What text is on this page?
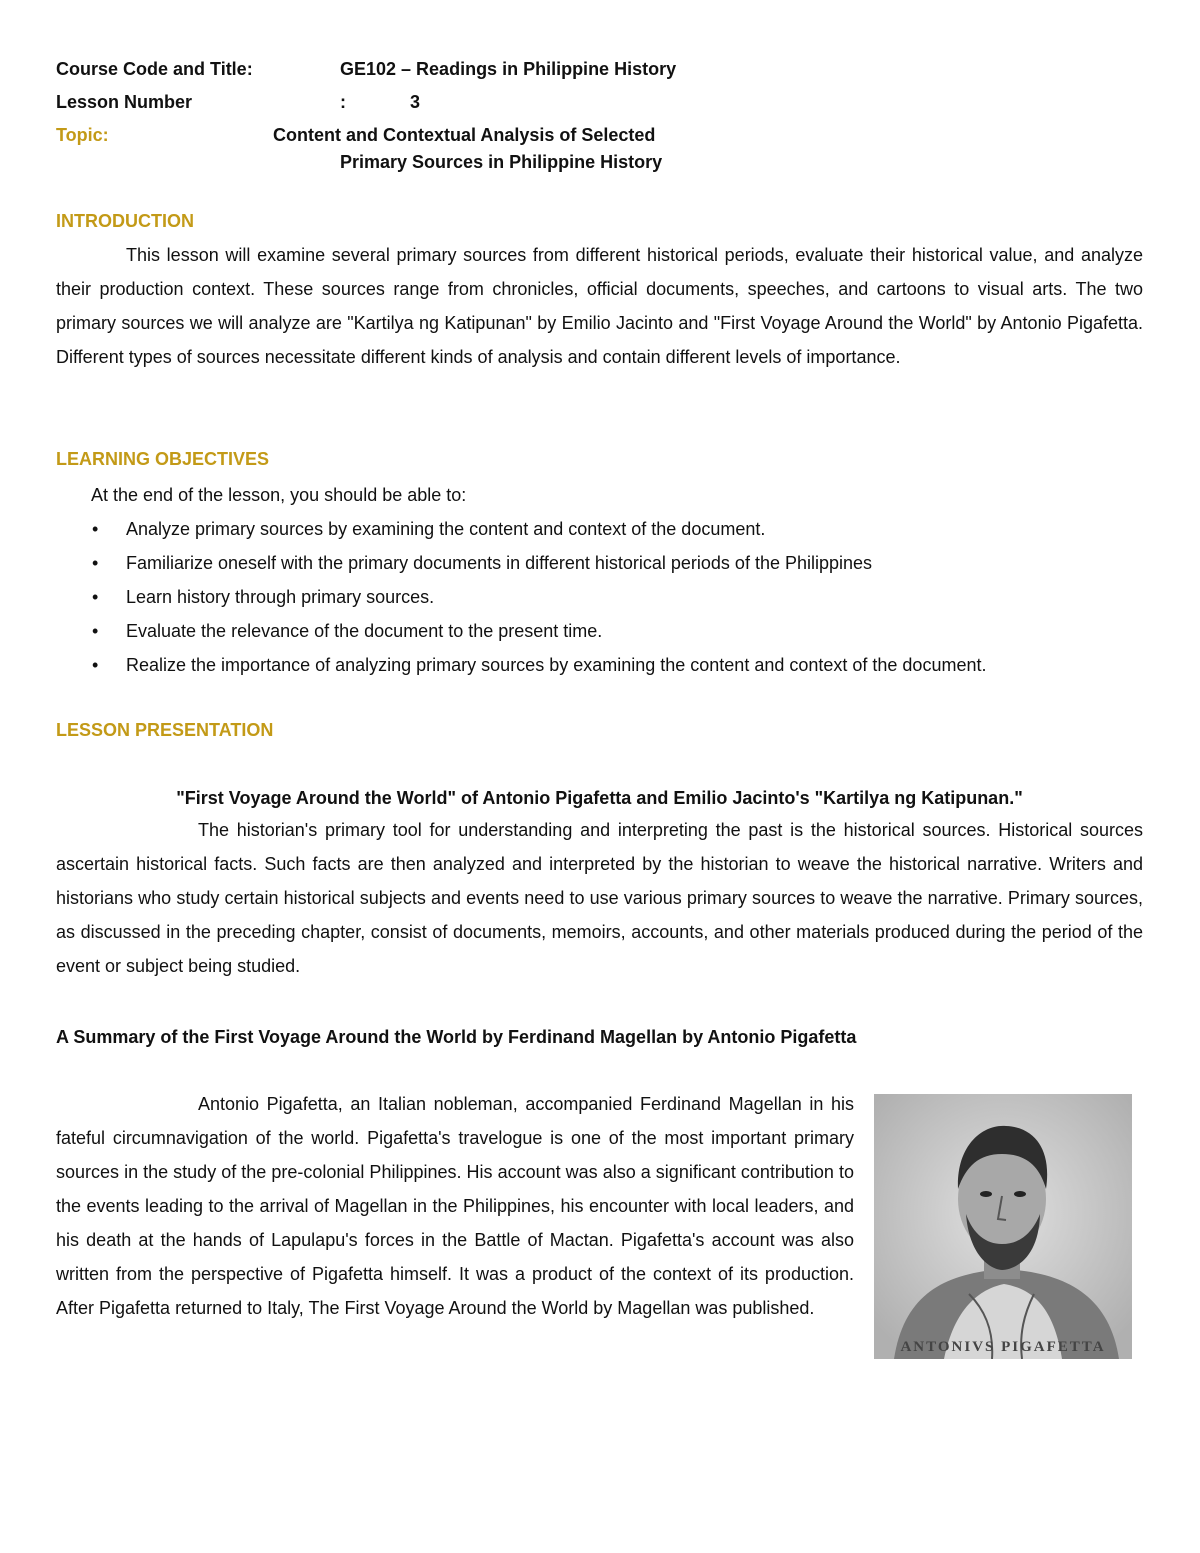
Course Code and Title:	GE102 – Readings in Philippine History
Lesson Number	:	3
Topic:	Content and Contextual Analysis of Selected
Primary Sources in Philippine History
INTRODUCTION

This lesson will examine several primary sources from different historical periods, evaluate their historical value, and analyze their production context. These sources range from chronicles, official documents, speeches, and cartoons to visual arts. The two primary sources we will analyze are "Kartilya ng Katipunan" by Emilio Jacinto and "First Voyage Around the World" by Antonio Pigafetta. Different types of sources necessitate different kinds of analysis and contain different levels of importance.

LEARNING OBJECTIVES
At the end of the lesson, you should be able to:
• Analyze primary sources by examining the content and context of the document.
• Familiarize oneself with the primary documents in different historical periods of the Philippines
• Learn history through primary sources.
• Evaluate the relevance of the document to the present time.
• Realize the importance of analyzing primary sources by examining the content and context of the document.
LESSON PRESENTATION
"First Voyage Around the World" of Antonio Pigafetta and Emilio Jacinto's "Kartilya ng Katipunan."

The historian's primary tool for understanding and interpreting the past is the historical sources. Historical sources ascertain historical facts. Such facts are then analyzed and interpreted by the historian to weave the historical narrative. Writers and historians who study certain historical subjects and events need to use various primary sources to weave the narrative. Primary sources, as discussed in the preceding chapter, consist of documents, memoirs, accounts, and other materials produced during the period of the event or subject being studied.

A Summary of the First Voyage Around the World by Ferdinand Magellan by Antonio Pigafetta

Antonio Pigafetta, an Italian nobleman, accompanied Ferdinand Magellan in his fateful circumnavigation of the world. Pigafetta's travelogue is one of the most important primary sources in the study of the pre-colonial Philippines. His account was also a significant contribution to the events leading to the arrival of Magellan in the Philippines, his encounter with local leaders, and his death at the hands of Lapulapu's forces in the Battle of Mactan. Pigafetta's account was also written from the perspective of Pigafetta himself. It was a product of the context of its production. After Pigafetta returned to Italy, The First Voyage Around the World by Magellan was published.

ANTONIVS PIGAFETTA
